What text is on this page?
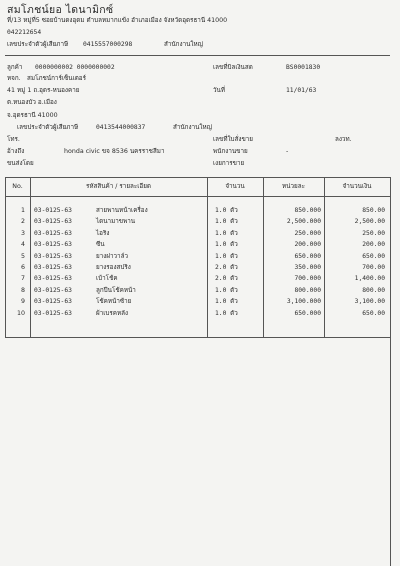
สมโภชน์ยอ ไดนามิกซ์
ที่/13 หมู่ที่5 ซอยบ้านดงอุดม ตำบลหมากแข้ง อำเภอเมือง จังหวัดอุดรธานี 41000
042212654
เลขประจำตัวผู้เสียภาษี 0415557000298	สำนักงานใหญ่
ลูกค้า 0000000002 0000000002
หจก. สมโภชน์การ์เซ็นเตอร์
41 หมู่ 1 ถ.อุดร-หนองคาย
ต.หนองบัว อ.เมือง
จ.อุดรธานี 41000
เลขประจำตัวผู้เสียภาษี	0413544000837	สำนักงานใหญ่
โทร.
อ้างถึง	honda civic ขจ 8536 นครราชสีมา
ขนส่งโดย
เลขที่บิลเงินสด	BS0001830
วันที่	11/01/63
เลขที่ใบสั่งขาย	ลงวท.
พนักงานขาย	-
เงยการขาย
No.	รหัสสินค้า / รายละเอียด	จำนวน	หน่วยละ	จำนวนเงิน
1 03-0125-63	สายพานหน้าเครื่อง	1.0 ตัว	850.000	850.00
2 03-0125-63	ไดนามาขพาน	1.0 ตัว	2,500.000	2,500.00
3 03-0125-63	ไอริง	1.0 ตัว	250.000	250.00
4 03-0125-63	ซีน	1.0 ตัว	200.000	200.00
5 03-0125-63	ยางฝาวาล์ว	1.0 ตัว	650.000	650.00
6 03-0125-63	ยางรองสปริง	2.0 ตัว	350.000	700.00
7 03-0125-63	เบ้าโช้ค	2.0 ตัว	700.000	1,400.00
8 03-0125-63	ลูกปืนโช้คหน้า	1.0 ตัว	800.000	800.00
9 03-0125-63	โช้คหน้าซ้าย	1.0 ตัว	3,100.000	3,100.00
10 03-0125-63	ผ้าเบรคหลัง	1.0 ตัว	650.000	650.00
